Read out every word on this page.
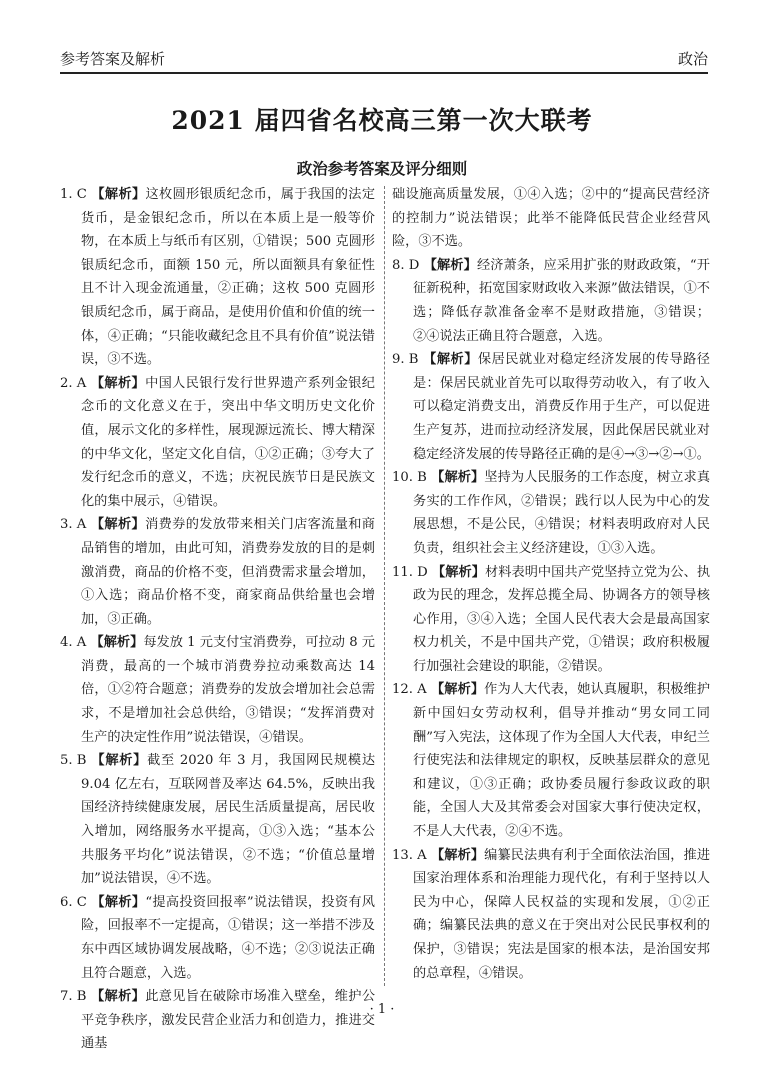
参考答案及解析	政治
2021 届四省名校高三第一次大联考
政治参考答案及评分细则
1. C 【解析】这枚圆形银质纪念币，属于我国的法定货币，是金银纪念币，所以在本质上是一般等价物，在本质上与纸币有区别，①错误；500 克圆形银质纪念币，面额 150 元，所以面额具有象征性且不计入现金流通量，②正确；这枚 500 克圆形银质纪念币，属于商品，是使用价值和价值的统一体，④正确；“只能收藏纪念且不具有价值”说法错误，③不选。
2. A 【解析】中国人民银行发行世界遗产系列金银纪念币的文化意义在于，突出中华文明历史文化价值，展示文化的多样性，展现源远流长、博大精深的中华文化，坚定文化自信，①②正确；③夸大了发行纪念币的意义，不选；庆祝民族节日是民族文化的集中展示，④错误。
3. A 【解析】消费券的发放带来相关门店客流量和商品销售的增加，由此可知，消费券发放的目的是刺激消费，商品的价格不变，但消费需求量会增加，①入选；商品价格不变，商家商品供给量也会增加，③正确。
4. A 【解析】每发放 1 元支付宝消费券，可拉动 8 元消费，最高的一个城市消费券拉动乘数高达 14 倍，①②符合题意；消费券的发放会增加社会总需求，不是增加社会总供给，③错误；“发挥消费对生产的决定性作用”说法错误，④错误。
5. B 【解析】截至 2020 年 3 月，我国网民规模达 9.04 亿左右，互联网普及率达 64.5%，反映出我国经济持续健康发展，居民生活质量提高，居民收入增加，网络服务水平提高，①③入选；“基本公共服务平均化”说法错误，②不选；“价值总量增加”说法错误，④不选。
6. C 【解析】“提高投资回报率”说法错误，投资有风险，回报率不一定提高，①错误；这一举措不涉及东中西区域协调发展战略，④不选；②③说法正确且符合题意，入选。
7. B 【解析】此意见旨在破除市场准入壁垒，维护公平竞争秩序，激发民营企业活力和创造力，推进交通基
础设施高质量发展，①④入选；②中的“提高民营经济的控制力”说法错误；此举不能降低民营企业经营风险，③不选。
8. D 【解析】经济萧条，应采用扩张的财政政策，“开征新税种，拓宽国家财政收入来源”做法错误，①不选；降低存款准备金率不是财政措施，③错误；②④说法正确且符合题意，入选。
9. B 【解析】保居民就业对稳定经济发展的传导路径是：保居民就业首先可以取得劳动收入，有了收入可以稳定消费支出，消费反作用于生产，可以促进生产复苏，进而拉动经济发展，因此保居民就业对稳定经济发展的传导路径正确的是④→③→②→①。
10. B 【解析】坚持为人民服务的工作态度，树立求真务实的工作作风，②错误；践行以人民为中心的发展思想，不是公民，④错误；材料表明政府对人民负责，组织社会主义经济建设，①③入选。
11. D 【解析】材料表明中国共产党坚持立党为公、执政为民的理念，发挥总揽全局、协调各方的领导核心作用，③④入选；全国人民代表大会是最高国家权力机关，不是中国共产党，①错误；政府积极履行加强社会建设的职能，②错误。
12. A 【解析】作为人大代表，她认真履职，积极维护新中国妇女劳动权利，倡导并推动“男女同工同酬”写入宪法，这体现了作为全国人大代表，申纪兰行使宪法和法律规定的职权，反映基层群众的意见和建议，①③正确；政协委员履行参政议政的职能，全国人大及其常委会对国家大事行使决定权，不是人大代表，②④不选。
13. A 【解析】编纂民法典有利于全面依法治国，推进国家治理体系和治理能力现代化，有利于坚持以人民为中心，保障人民权益的实现和发展，①②正确；编纂民法典的意义在于突出对公民民事权利的保护，③错误；宪法是国家的根本法，是治国安邦的总章程，④错误。
· 1 ·
